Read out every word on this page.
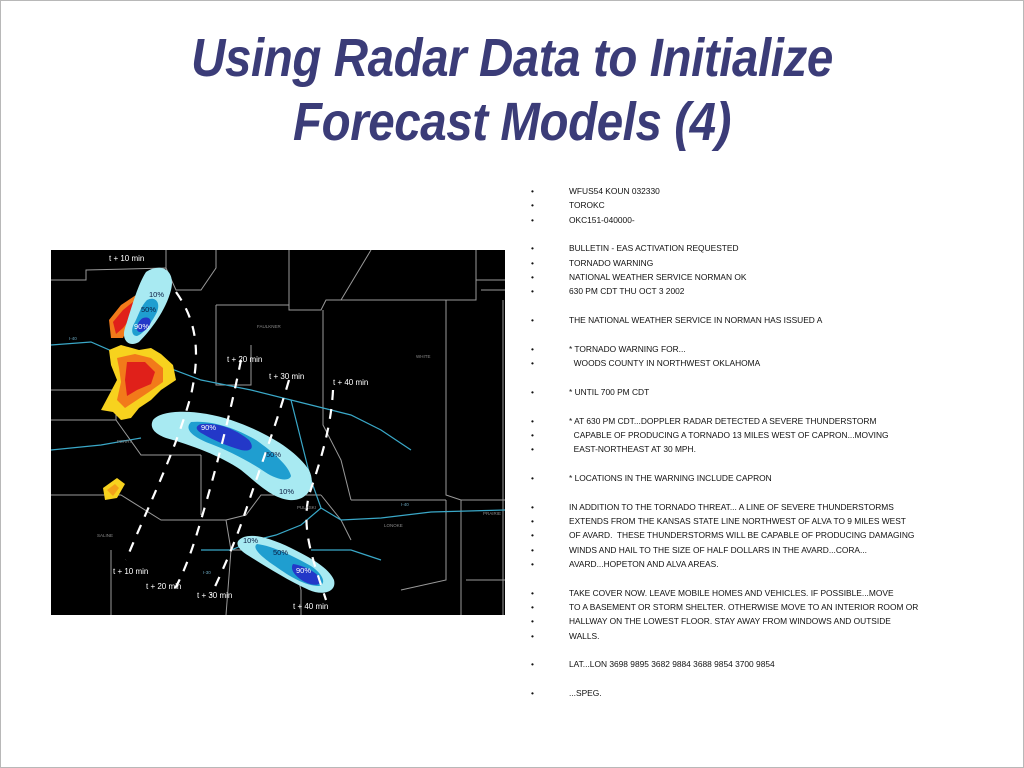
Using Radar Data to Initialize
Forecast Models (4)
t + 10 min
t + 20 min
t + 30 min
t + 40 min
t + 10 min
t + 20 min
t + 30 min
t + 40 min
10%
50%
90%
90%
50%
10%
10%
50%
90%
FAULKNER
WHITE
PERRY
PULASKI
LONOKE
PRAIRIE
SALINE
I-40
I-40
I-30
•	WFUS54 KOUN 032330
•	TOROKC
•	OKC151-040000-
•	BULLETIN - EAS ACTIVATION REQUESTED
•	TORNADO WARNING
•	NATIONAL WEATHER SERVICE NORMAN OK
•	630 PM CDT THU OCT 3 2002
•	THE NATIONAL WEATHER SERVICE IN NORMAN HAS ISSUED A
•	* TORNADO WARNING FOR...
•	WOODS COUNTY IN NORTHWEST OKLAHOMA
•	* UNTIL 700 PM CDT
•	* AT 630 PM CDT...DOPPLER RADAR DETECTED A SEVERE THUNDERSTORM
•	CAPABLE OF PRODUCING A TORNADO 13 MILES WEST OF CAPRON...MOVING
•	EAST-NORTHEAST AT 30 MPH.
•	* LOCATIONS IN THE WARNING INCLUDE CAPRON
•	IN ADDITION TO THE TORNADO THREAT... A LINE OF SEVERE THUNDERSTORMS
•	EXTENDS FROM THE KANSAS STATE LINE NORTHWEST OF ALVA TO 9 MILES WEST
•	OF AVARD.  THESE THUNDERSTORMS WILL BE CAPABLE OF PRODUCING DAMAGING
•	WINDS AND HAIL TO THE SIZE OF HALF DOLLARS IN THE AVARD...CORA...
•	AVARD...HOPETON AND ALVA AREAS.
•	TAKE COVER NOW. LEAVE MOBILE HOMES AND VEHICLES. IF POSSIBLE...MOVE
•	TO A BASEMENT OR STORM SHELTER. OTHERWISE MOVE TO AN INTERIOR ROOM OR
•	HALLWAY ON THE LOWEST FLOOR. STAY AWAY FROM WINDOWS AND OUTSIDE
•	WALLS.
•	LAT...LON 3698 9895 3682 9884 3688 9854 3700 9854
•	...SPEG.
